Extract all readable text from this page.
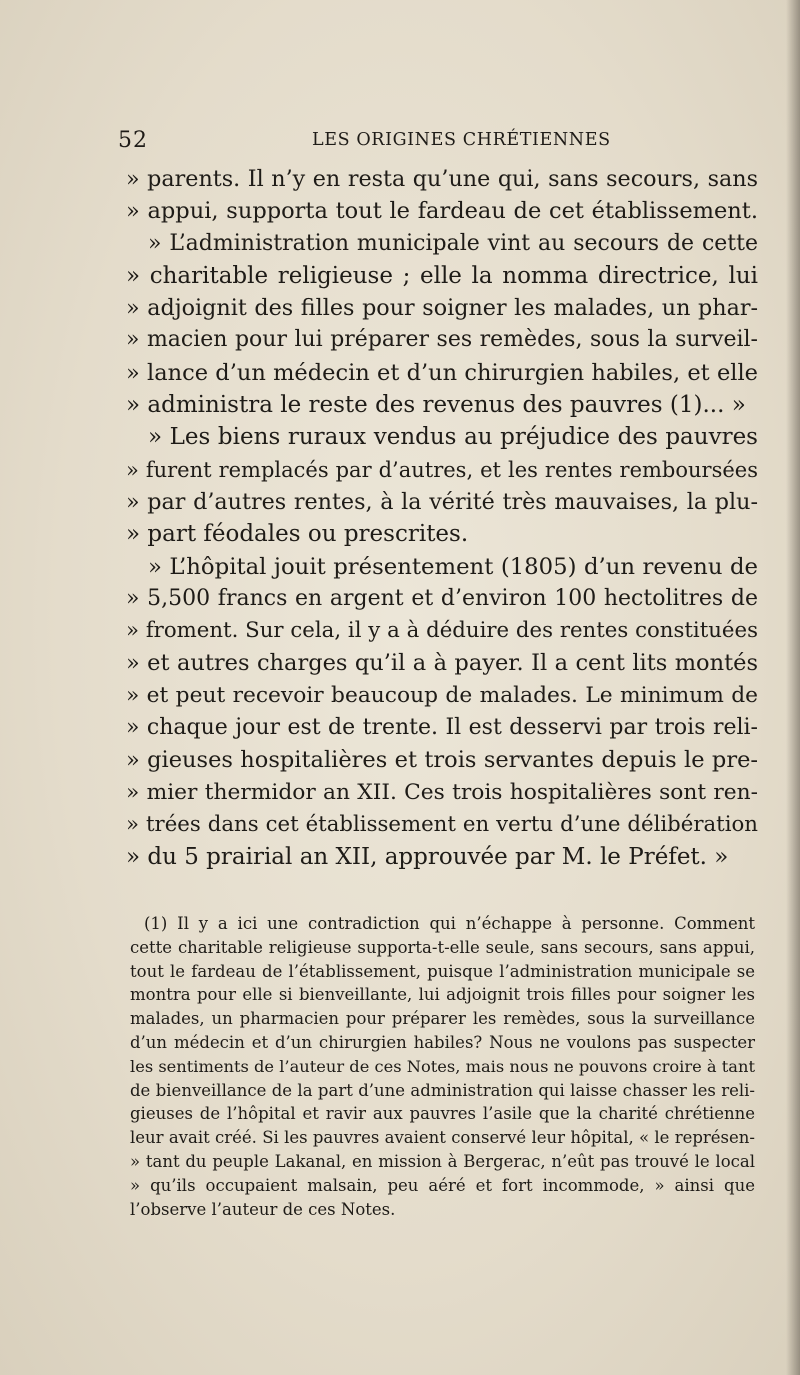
52	LES ORIGINES CHRÉTIENNES
» parents. Il n’y en resta qu’une qui, sans secours, sans
» appui, supporta tout le fardeau de cet établissement.
» L’administration municipale vint au secours de cette
» charitable religieuse ; elle la nomma directrice, lui
» adjoignit des filles pour soigner les malades, un phar-
» macien pour lui préparer ses remèdes, sous la surveil-
» lance d’un médecin et d’un chirurgien habiles, et elle
» administra le reste des revenus des pauvres (1)... »
» Les biens ruraux vendus au préjudice des pauvres
» furent remplacés par d’autres, et les rentes remboursées
» par d’autres rentes, à la vérité très mauvaises, la plu-
» part féodales ou prescrites.
» L’hôpital jouit présentement (1805) d’un revenu de
» 5,500 francs en argent et d’environ 100 hectolitres de
» froment. Sur cela, il y a à déduire des rentes constituées
» et autres charges qu’il a à payer. Il a cent lits montés
» et peut recevoir beaucoup de malades. Le minimum de
» chaque jour est de trente. Il est desservi par trois reli-
» gieuses hospitalières et trois servantes depuis le pre-
» mier thermidor an XII. Ces trois hospitalières sont ren-
» trées dans cet établissement en vertu d’une délibération
» du 5 prairial an XII, approuvée par M. le Préfet. »
(1) Il y a ici une contradiction qui n’échappe à personne. Comment
cette charitable religieuse supporta-t-elle seule, sans secours, sans appui,
tout le fardeau de l’établissement, puisque l’administration municipale se
montra pour elle si bienveillante, lui adjoignit trois filles pour soigner les
malades, un pharmacien pour préparer les remèdes, sous la surveillance
d’un médecin et d’un chirurgien habiles? Nous ne voulons pas suspecter
les sentiments de l’auteur de ces Notes, mais nous ne pouvons croire à tant
de bienveillance de la part d’une administration qui laisse chasser les reli-
gieuses de l’hôpital et ravir aux pauvres l’asile que la charité chrétienne
leur avait créé. Si les pauvres avaient conservé leur hôpital, « le représen-
» tant du peuple Lakanal, en mission à Bergerac, n’eût pas trouvé le local
» qu’ils occupaient malsain, peu aéré et fort incommode, » ainsi que
l’observe l’auteur de ces Notes.
